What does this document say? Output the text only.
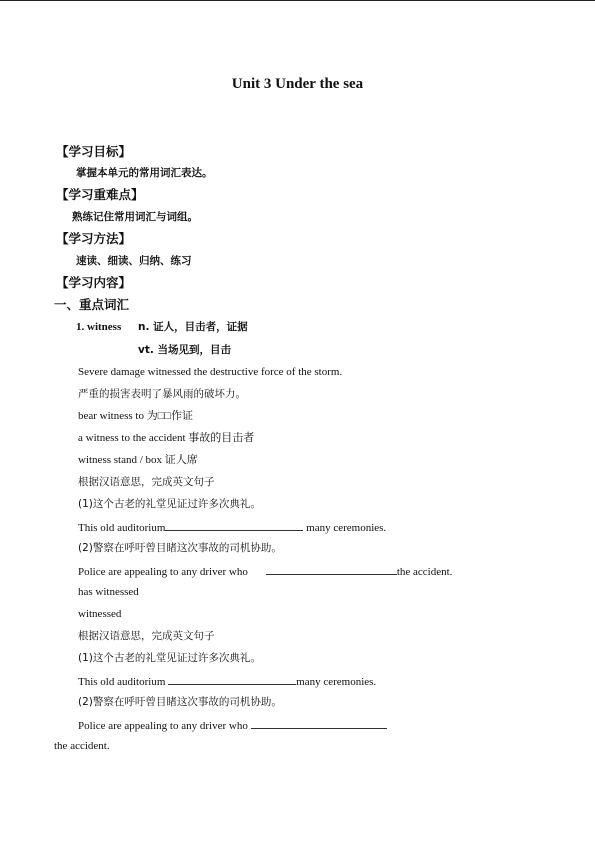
Unit 3 Under the sea
【学习目标】
掌握本单元的常用词汇表达。
【学习重难点】
熟练记住常用词汇与词组。
【学习方法】
速读、细读、归纳、练习
【学习内容】
一、重点词汇
1. witness n. 证人，目击者，证据
vt. 当场见到，目击
Severe damage witnessed the destructive force of the storm.
严重的损害表明了暴风雨的破坏力。
bear witness to 为□□作证
a witness to the accident 事故的目击者
witness stand / box 证人席
根据汉语意思，完成英文句子
(1)这个古老的礼堂见证过许多次典礼。
This old auditorium	many ceremonies.
(2)警察在呼吁曾目睹这次事故的司机协助。
Police are appealing to any driver who	the accident.
has witnessed
witnessed
根据汉语意思，完成英文句子
(1)这个古老的礼堂见证过许多次典礼。
This old auditorium	many ceremonies.
(2)警察在呼吁曾目睹这次事故的司机协助。
Police are appealing to any driver who
the accident.
